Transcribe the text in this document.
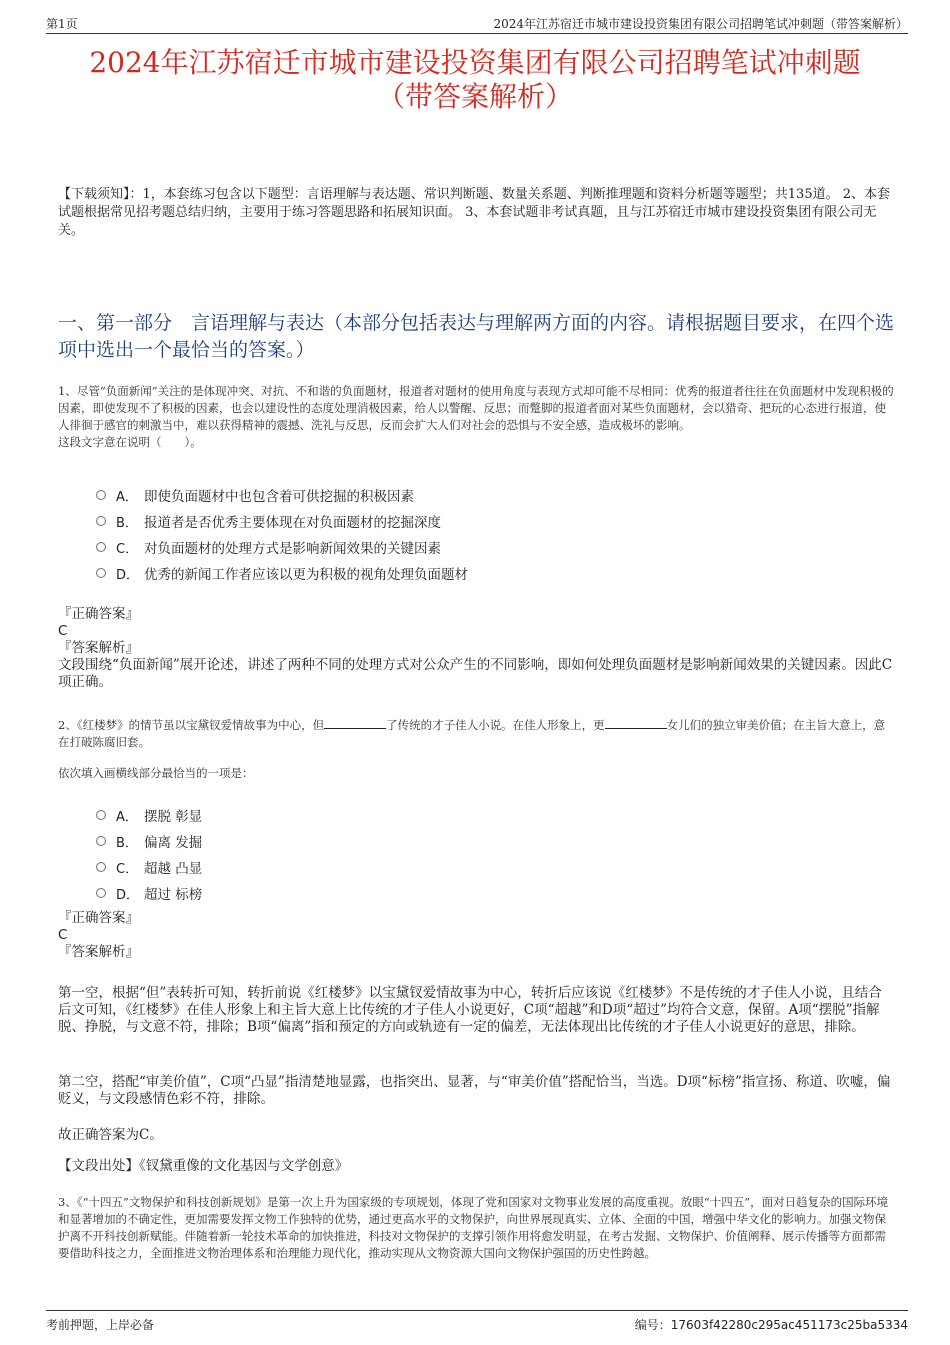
第1页	2024年江苏宿迁市城市建设投资集团有限公司招聘笔试冲刺题（带答案解析）
2024年江苏宿迁市城市建设投资集团有限公司招聘笔试冲刺题
（带答案解析）
【下载须知】：1，本套练习包含以下题型：言语理解与表达题、常识判断题、数量关系题、判断推理题和资料分析题等题型；共135道。 2、本套试题根据常见招考题总结归纳，主要用于练习答题思路和拓展知识面。 3、本套试题非考试真题，且与江苏宿迁市城市建设投资集团有限公司无关。
一、第一部分　言语理解与表达（本部分包括表达与理解两方面的内容。请根据题目要求，在四个选项中选出一个最恰当的答案。）
1、尽管“负面新闻”关注的是体现冲突、对抗、不和谐的负面题材，报道者对题材的使用角度与表现方式却可能不尽相同：优秀的报道者往往在负面题材中发现积极的因素，即使发现不了积极的因素，也会以建设性的态度处理消极因素，给人以警醒、反思；而蹩脚的报道者面对某些负面题材，会以猎奇、把玩的心态进行报道，使人徘徊于感官的刺激当中，难以获得精神的震撼、洗礼与反思，反而会扩大人们对社会的恐惧与不安全感，造成极坏的影响。
这段文字意在说明（　　）。
A． 即使负面题材中也包含着可供挖掘的积极因素
B． 报道者是否优秀主要体现在对负面题材的挖掘深度
C． 对负面题材的处理方式是影响新闻效果的关键因素
D． 优秀的新闻工作者应该以更为积极的视角处理负面题材
『正确答案』
C
『答案解析』
文段围绕“负面新闻”展开论述，讲述了两种不同的处理方式对公众产生的不同影响，即如何处理负面题材是影响新闻效果的关键因素。因此C项正确。
2、《红楼梦》的情节虽以宝黛钗爱情故事为中心，但	了传统的才子佳人小说。在佳人形象上，更	女儿们的独立审美价值；在主旨大意上，意在打破陈腐旧套。
依次填入画横线部分最恰当的一项是：
A． 摆脱 彰显
B． 偏离 发掘
C． 超越 凸显
D． 超过 标榜
『正确答案』
C
『答案解析』
第一空，根据“但”表转折可知，转折前说《红楼梦》以宝黛钗爱情故事为中心，转折后应该说《红楼梦》不是传统的才子佳人小说，且结合后文可知，《红楼梦》在佳人形象上和主旨大意上比传统的才子佳人小说更好，C项“超越”和D项“超过”均符合文意，保留。A项“摆脱”指解脱、挣脱，与文意不符，排除；B项“偏离”指和预定的方向或轨迹有一定的偏差，无法体现出比传统的才子佳人小说更好的意思，排除。
第二空，搭配“审美价值”，C项“凸显”指清楚地显露，也指突出、显著，与“审美价值”搭配恰当，当选。D项“标榜”指宣扬、称道、吹嘘，偏贬义，与文段感情色彩不符，排除。
故正确答案为C。
【文段出处】《钗黛重像的文化基因与文学创意》
3、《“十四五”文物保护和科技创新规划》是第一次上升为国家级的专项规划，体现了党和国家对文物事业发展的高度重视。放眼“十四五”，面对日趋复杂的国际环境和显著增加的不确定性，更加需要发挥文物工作独特的优势，通过更高水平的文物保护，向世界展现真实、立体、全面的中国，增强中华文化的影响力。加强文物保护离不开科技创新赋能。伴随着新一轮技术革命的加快推进，科技对文物保护的支撑引领作用将愈发明显，在考古发掘、文物保护、价值阐释、展示传播等方面都需要借助科技之力，全面推进文物治理体系和治理能力现代化，推动实现从文物资源大国向文物保护强国的历史性跨越。
考前押题，上岸必备	编号：17603f42280c295ac451173c25ba5334
